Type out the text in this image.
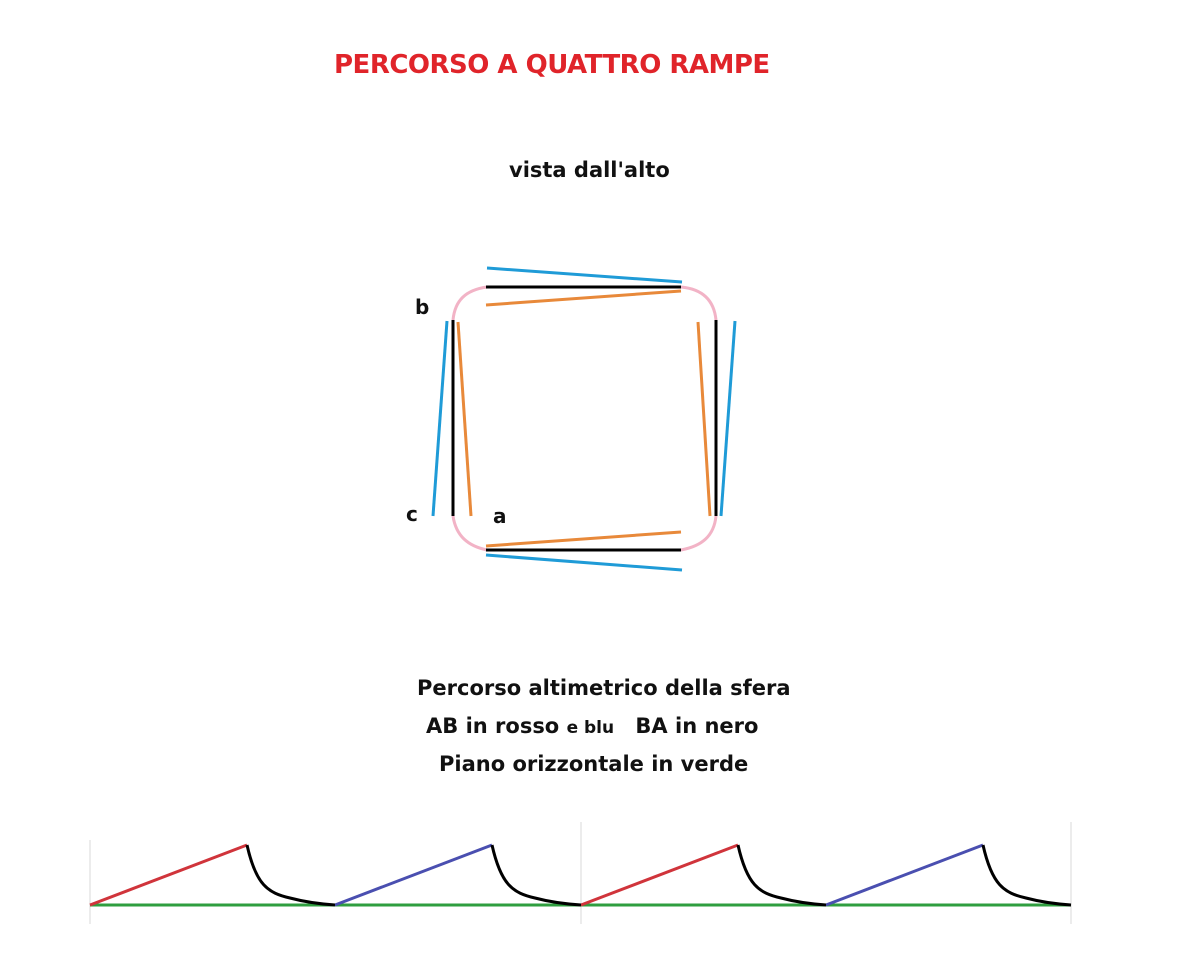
PERCORSO A QUATTRO RAMPE
vista dall'alto
b
c	a
Percorso altimetrico della sfera
AB in rosso e blu BA in nero
Piano orizzontale in verde
